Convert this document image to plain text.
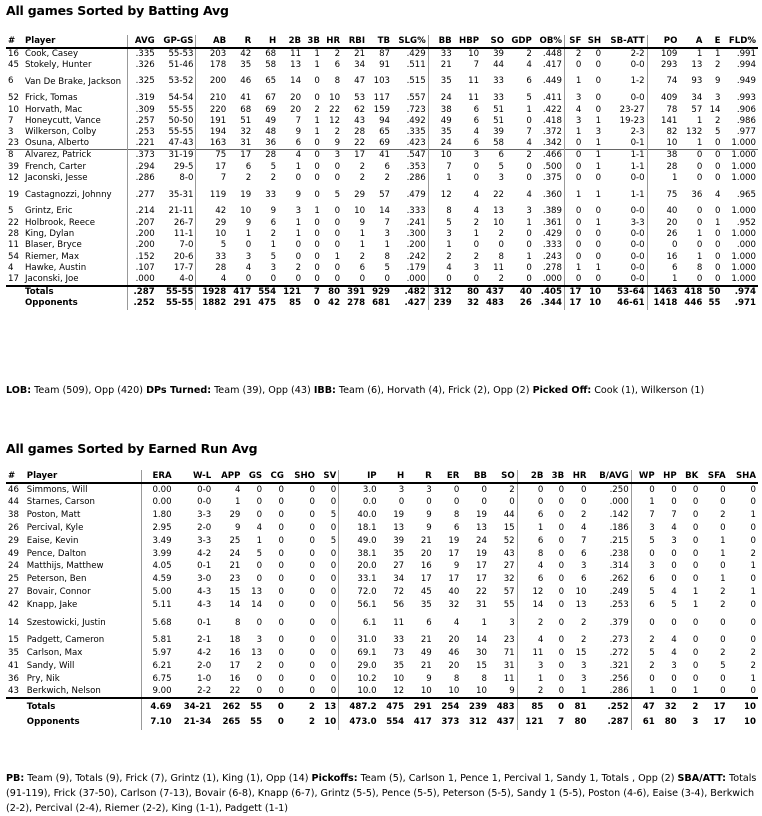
All games Sorted by Batting Avg
#	Player	AVG	GP-GS	AB	R	H	2B	3B	HR	RBI	TB	SLG%	BB	HBP	SO	GDP	OB%	SF	SH	SB-ATT	PO	A	E	FLD%
16	Cook, Casey	.335	55-53	203	42	68	11	1	2	21	87	.429	33	10	39	2	.448	2	0	2-2	109	1	1	.991
45	Stokely, Hunter	.326	51-46	178	35	58	13	1	6	34	91	.511	21	7	44	4	.417	0	0	0-0	293	13	2	.994
6	Van De Brake, Jackson	.325	53-52	200	46	65	14	0	8	47	103	.515	35	11	33	6	.449	1	0	1-2	74	93	9	.949
52	Frick, Tomas	.319	54-54	210	41	67	20	0	10	53	117	.557	24	11	33	5	.411	3	0	0-0	409	34	3	.993
10	Horvath, Mac	.309	55-55	220	68	69	20	2	22	62	159	.723	38	6	51	1	.422	4	0	23-27	78	57	14	.906
7	Honeycutt, Vance	.257	50-50	191	51	49	7	1	12	43	94	.492	49	6	51	0	.418	3	1	19-23	141	1	2	.986
3	Wilkerson, Colby	.253	55-55	194	32	48	9	1	2	28	65	.335	35	4	39	7	.372	1	3	2-3	82	132	5	.977
23	Osuna, Alberto	.221	47-43	163	31	36	6	0	9	22	69	.423	24	6	58	4	.342	0	1	0-1	10	1	0	1.000
8	Alvarez, Patrick	.373	31-19	75	17	28	4	0	3	17	41	.547	10	3	6	2	.466	0	1	1-1	38	0	0	1.000
39	French, Carter	.294	29-5	17	6	5	1	0	0	2	6	.353	7	0	5	0	.500	0	1	1-1	28	0	0	1.000
12	Jaconski, Jesse	.286	8-0	7	2	2	0	0	0	2	2	.286	1	0	3	0	.375	0	0	0-0	1	0	0	1.000
19	Castagnozzi, Johnny	.277	35-31	119	19	33	9	0	5	29	57	.479	12	4	22	4	.360	1	1	1-1	75	36	4	.965
5	Grintz, Eric	.214	21-11	42	10	9	3	1	0	10	14	.333	8	4	13	3	.389	0	0	0-0	40	0	0	1.000
22	Holbrook, Reece	.207	26-7	29	9	6	1	0	0	9	7	.241	5	2	10	1	.361	0	1	3-3	20	0	1	.952
28	King, Dylan	.200	11-1	10	1	2	1	0	0	1	3	.300	3	1	2	0	.429	0	0	0-0	26	1	0	1.000
11	Blaser, Bryce	.200	7-0	5	0	1	0	0	0	1	1	.200	1	0	0	0	.333	0	0	0-0	0	0	0	.000
54	Riemer, Max	.152	20-6	33	3	5	0	0	1	2	8	.242	2	2	8	1	.243	0	0	0-0	16	1	0	1.000
4	Hawke, Austin	.107	17-7	28	4	3	2	0	0	6	5	.179	4	3	11	0	.278	1	1	0-0	6	8	0	1.000
17	Jaconski, Joe	.000	4-0	4	0	0	0	0	0	0	0	.000	0	0	2	0	.000	0	0	0-0	1	0	0	1.000
	Totals	.287	55-55	1928	417	554	121	7	80	391	929	.482	312	80	437	40	.405	17	10	53-64	1463	418	50	.974
	Opponents	.252	55-55	1882	291	475	85	0	42	278	681	.427	239	32	483	26	.344	17	10	46-61	1418	446	55	.971
LOB: Team (509), Opp (420) DPs Turned: Team (39), Opp (43) IBB: Team (6), Horvath (4), Frick (2), Opp (2) Picked Off: Cook (1), Wilkerson (1)
All games Sorted by Earned Run Avg
#	Player	ERA	W-L	APP	GS	CG	SHO	SV	IP	H	R	ER	BB	SO	2B	3B	HR	B/AVG	WP	HP	BK	SFA	SHA
46	Simmons, Will	0.00	0-0	4	0	0	0	0	3.0	3	3	0	0	2	0	0	0	.250	0	0	0	0	0
44	Starnes, Carson	0.00	0-0	1	0	0	0	0	0.0	0	0	0	0	0	0	0	0	.000	1	0	0	0	0
38	Poston, Matt	1.80	3-3	29	0	0	0	5	40.0	19	9	8	19	44	6	0	2	.142	7	7	0	2	1
26	Percival, Kyle	2.95	2-0	9	4	0	0	0	18.1	13	9	6	13	15	1	0	4	.186	3	4	0	0	0
29	Eaise, Kevin	3.49	3-3	25	1	0	0	5	49.0	39	21	19	24	52	6	0	7	.215	5	3	0	1	0
49	Pence, Dalton	3.99	4-2	24	5	0	0	0	38.1	35	20	17	19	43	8	0	6	.238	0	0	0	1	2
24	Matthijs, Matthew	4.05	0-1	21	0	0	0	0	20.0	27	16	9	17	27	4	0	3	.314	3	0	0	0	1
25	Peterson, Ben	4.59	3-0	23	0	0	0	0	33.1	34	17	17	17	32	6	0	6	.262	6	0	0	1	0
27	Bovair, Connor	5.00	4-3	15	13	0	0	0	72.0	72	45	40	22	57	12	0	10	.249	5	4	1	2	1
42	Knapp, Jake	5.11	4-3	14	14	0	0	0	56.1	56	35	32	31	55	14	0	13	.253	6	5	1	2	0
14	Szestowicki, Justin	5.68	0-1	8	0	0	0	0	6.1	11	6	4	1	3	2	0	2	.379	0	0	0	0	0
15	Padgett, Cameron	5.81	2-1	18	3	0	0	0	31.0	33	21	20	14	23	4	0	2	.273	2	4	0	0	0
35	Carlson, Max	5.97	4-2	16	13	0	0	0	69.1	73	49	46	30	71	11	0	15	.272	5	4	0	2	2
41	Sandy, Will	6.21	2-0	17	2	0	0	0	29.0	35	21	20	15	31	3	0	3	.321	2	3	0	5	2
36	Pry, Nik	6.75	1-0	16	0	0	0	0	10.2	10	9	8	8	11	1	0	3	.256	0	0	0	0	1
43	Berkwich, Nelson	9.00	2-2	22	0	0	0	0	10.0	12	10	10	10	9	2	0	1	.286	1	0	1	0	0
	Totals	4.69	34-21	262	55	0	2	13	487.2	475	291	254	239	483	85	0	81	.252	47	32	2	17	10
	Opponents	7.10	21-34	265	55	0	2	10	473.0	554	417	373	312	437	121	7	80	.287	61	80	3	17	10
PB: Team (9), Totals (9), Frick (7), Grintz (1), King (1), Opp (14) Pickoffs: Team (5), Carlson 1, Pence 1, Percival 1, Sandy 1, Totals , Opp (2) SBA/ATT: Totals (91-119), Frick (37-50), Carlson (7-13), Bovair (6-8), Knapp (6-7), Grintz (5-5), Pence (5-5), Peterson (5-5), Sandy 1 (5-5), Poston (4-6), Eaise (3-4), Berkwich (2-2), Percival (2-4), Riemer (2-2), King (1-1), Padgett (1-1)
